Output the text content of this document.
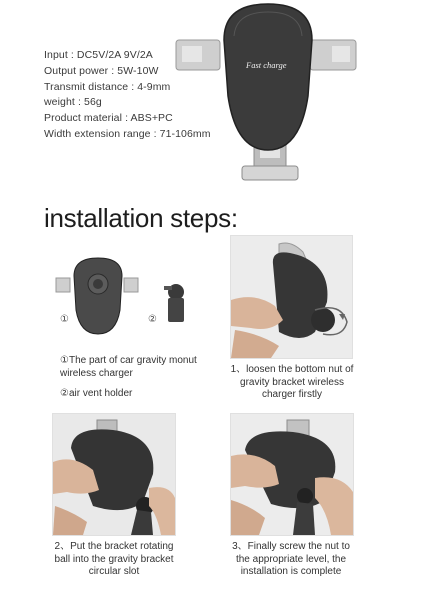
Input : DC5V/2A 9V/2A
Output power : 5W-10W
Transmit distance : 4-9mm
weight : 56g
Product material : ABS+PC
Width extension range : 71-106mm
Fast charge
installation steps:
①	②
①The part of car gravity monut wireless charger
②air vent holder
1、loosen the bottom nut of gravity bracket wireless charger firstly
2、Put the bracket rotating ball into the gravity bracket circular slot
3、Finally screw the nut to the appropriate level, the installation is complete
